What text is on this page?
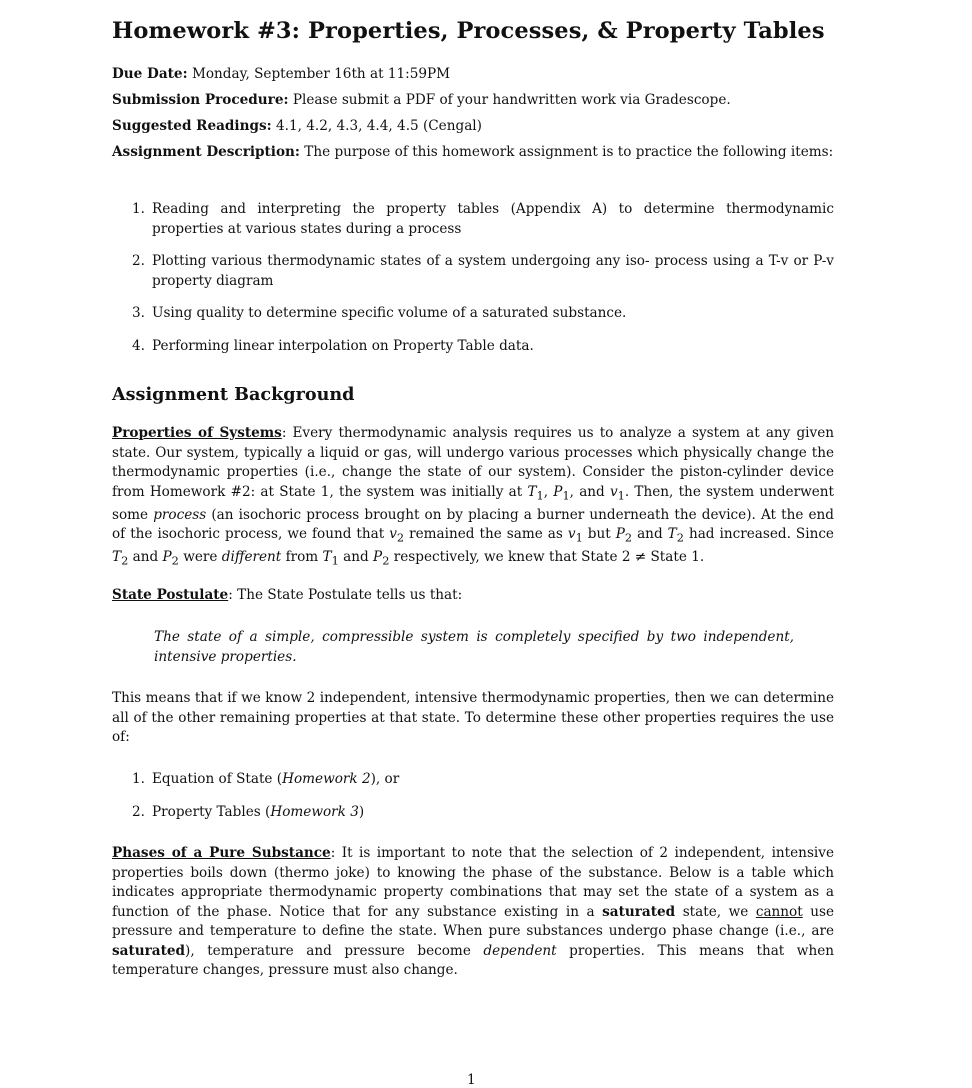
Homework #3: Properties, Processes, & Property Tables
Due Date: Monday, September 16th at 11:59PM
Submission Procedure: Please submit a PDF of your handwritten work via Gradescope.
Suggested Readings: 4.1, 4.2, 4.3, 4.4, 4.5 (Cengal)
Assignment Description: The purpose of this homework assignment is to practice the following items:
1. Reading and interpreting the property tables (Appendix A) to determine thermodynamic properties at various states during a process
2. Plotting various thermodynamic states of a system undergoing any iso- process using a T-v or P-v property diagram
3. Using quality to determine specific volume of a saturated substance.
4. Performing linear interpolation on Property Table data.
Assignment Background
Properties of Systems: Every thermodynamic analysis requires us to analyze a system at any given state. Our system, typically a liquid or gas, will undergo various processes which physically change the thermodynamic properties (i.e., change the state of our system). Consider the piston-cylinder device from Homework #2: at State 1, the system was initially at $T_1$, $P_1$, and $v_1$. Then, the system underwent some process (an isochoric process brought on by placing a burner underneath the device). At the end of the isochoric process, we found that $v_2$ remained the same as $v_1$ but $P_2$ and $T_2$ had increased. Since $T_2$ and $P_2$ were different from $T_1$ and $P_2$ respectively, we knew that State 2 ≠ State 1.
State Postulate: The State Postulate tells us that:
The state of a simple, compressible system is completely specified by two independent, intensive properties.
This means that if we know 2 independent, intensive thermodynamic properties, then we can determine all of the other remaining properties at that state. To determine these other properties requires the use of:
1. Equation of State (Homework 2), or
2. Property Tables (Homework 3)
Phases of a Pure Substance: It is important to note that the selection of 2 independent, intensive properties boils down (thermo joke) to knowing the phase of the substance. Below is a table which indicates appropriate thermodynamic property combinations that may set the state of a system as a function of the phase. Notice that for any substance existing in a saturated state, we cannot use pressure and temperature to define the state. When pure substances undergo phase change (i.e., are saturated), temperature and pressure become dependent properties. This means that when temperature changes, pressure must also change.
1
